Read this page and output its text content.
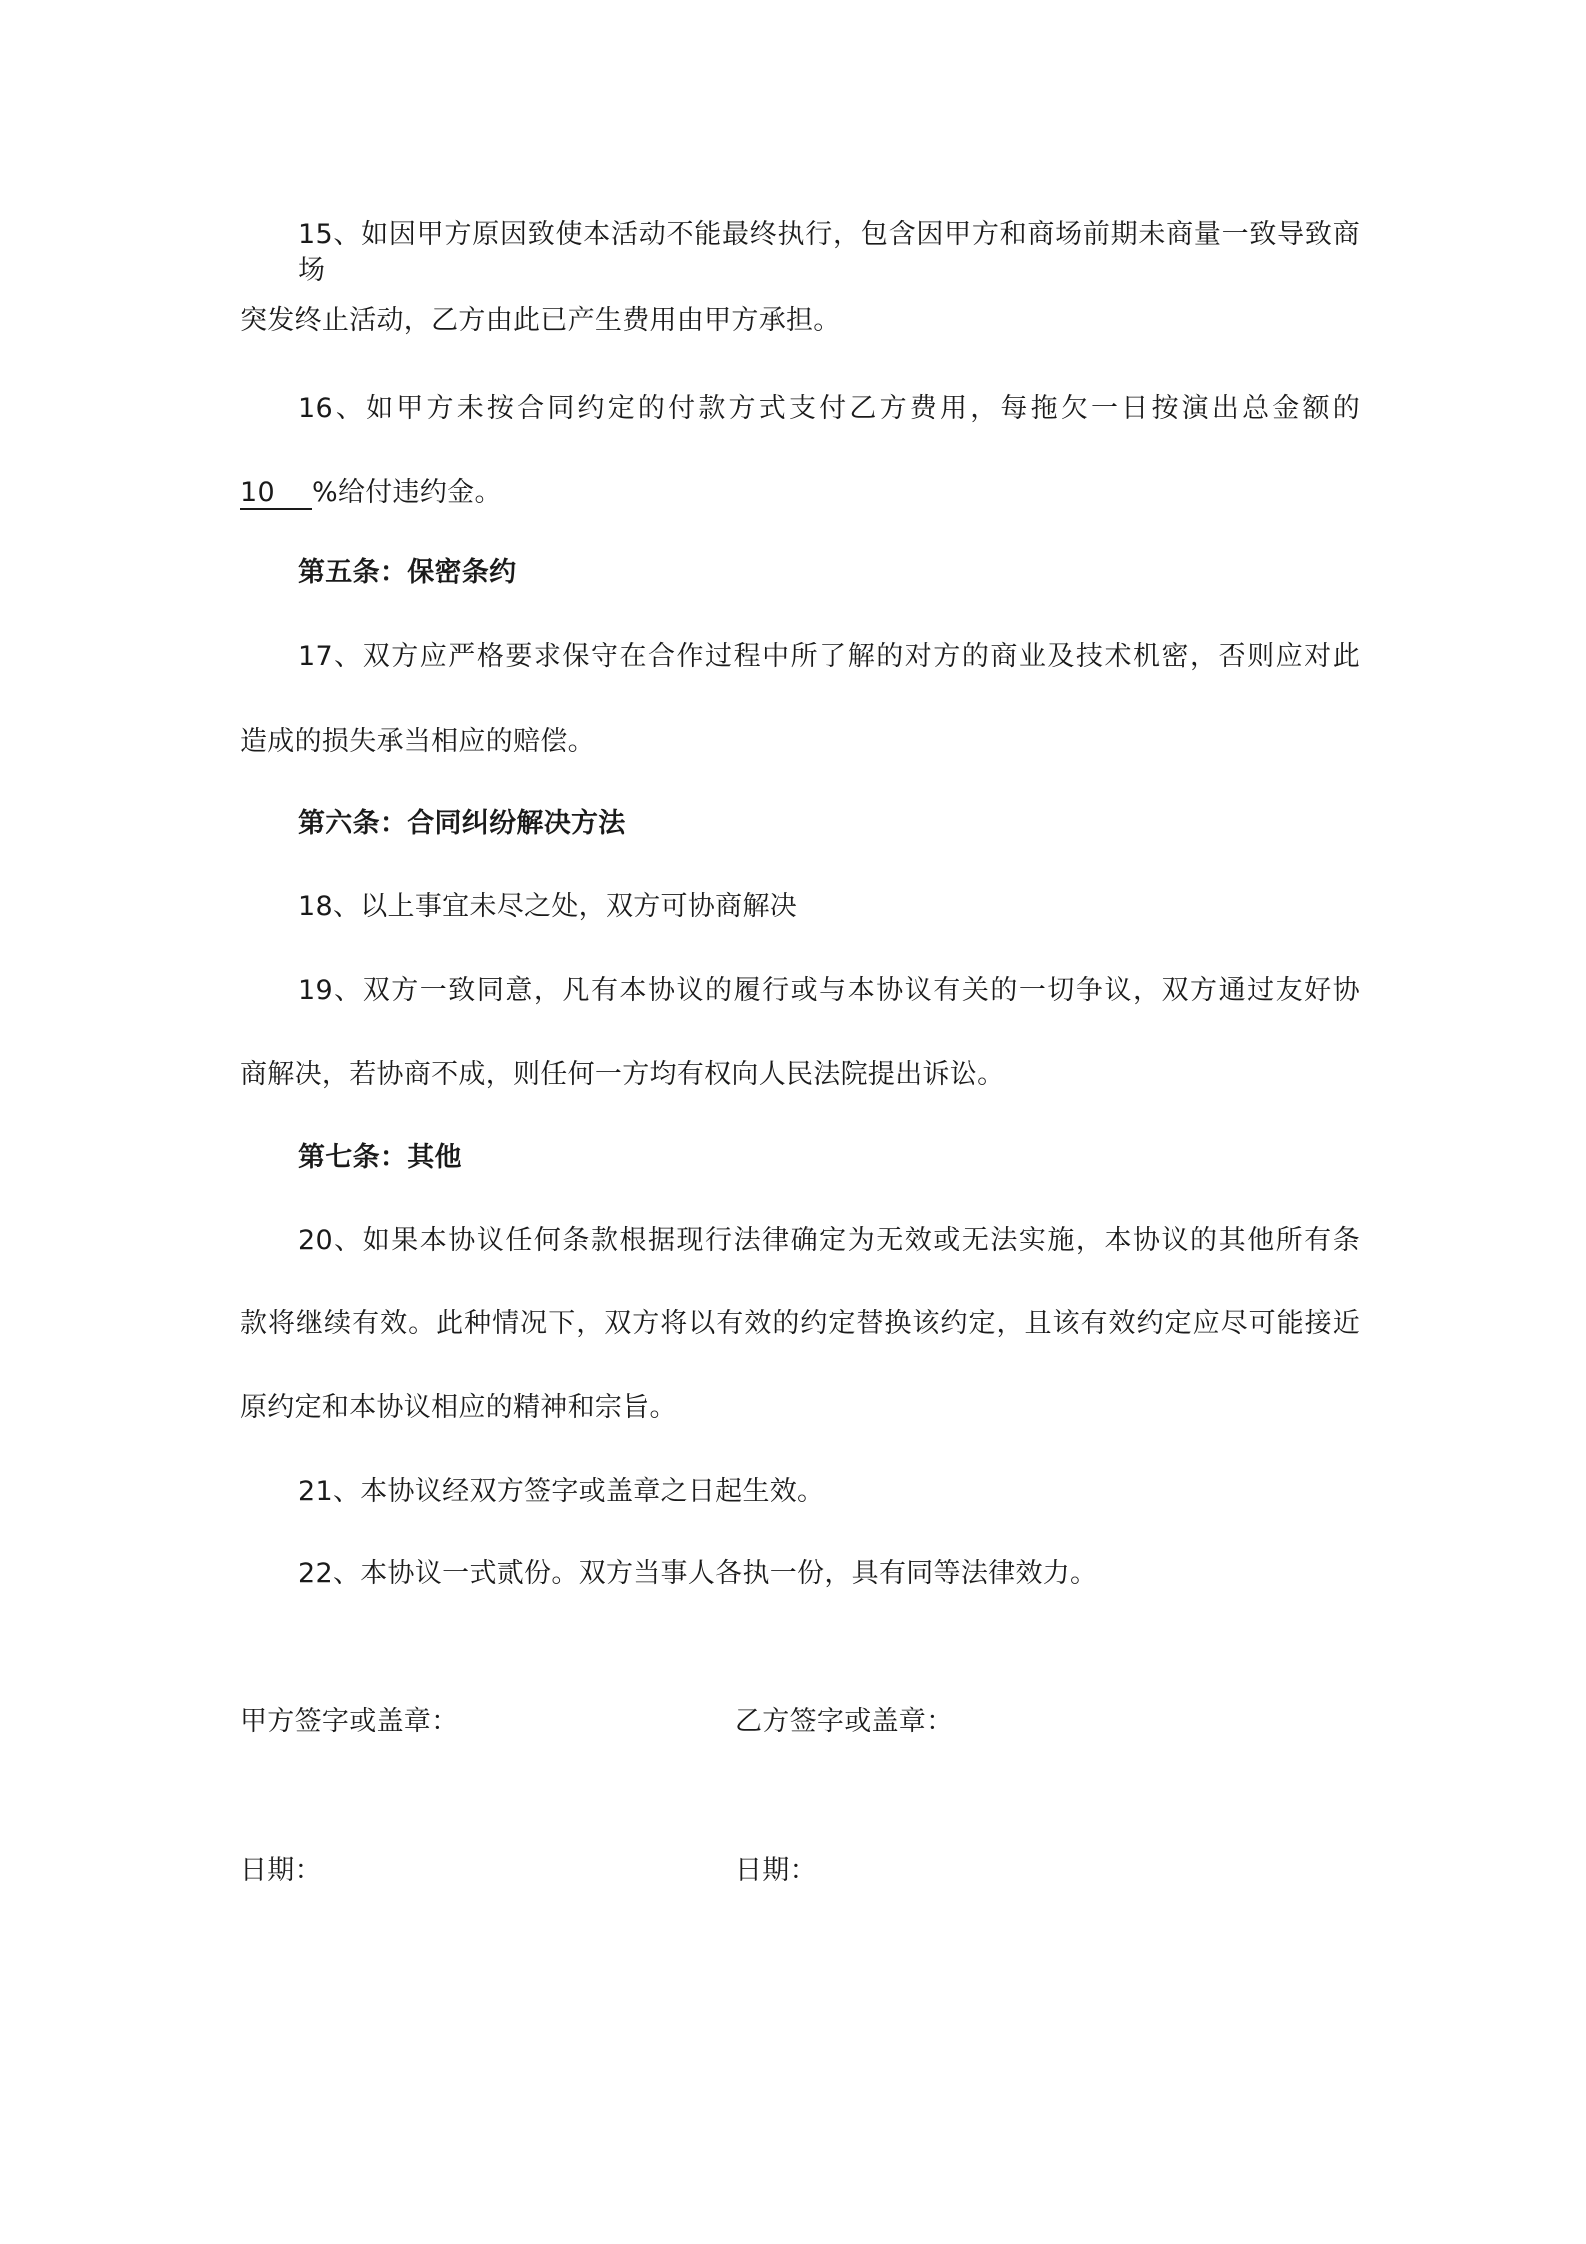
15、如因甲方原因致使本活动不能最终执行，包含因甲方和商场前期未商量一致导致商场
突发终止活动，乙方由此已产生费用由甲方承担。
16、如甲方未按合同约定的付款方式支付乙方费用，每拖欠一日按演出总金额的
10 %给付违约金。
第五条：保密条约
17、双方应严格要求保守在合作过程中所了解的对方的商业及技术机密，否则应对此
造成的损失承当相应的赔偿。
第六条：合同纠纷解决方法
18、以上事宜未尽之处，双方可协商解决
19、双方一致同意，凡有本协议的履行或与本协议有关的一切争议，双方通过友好协
商解决，若协商不成，则任何一方均有权向人民法院提出诉讼。
第七条：其他
20、如果本协议任何条款根据现行法律确定为无效或无法实施，本协议的其他所有条
款将继续有效。此种情况下，双方将以有效的约定替换该约定，且该有效约定应尽可能接近
原约定和本协议相应的精神和宗旨。
21、本协议经双方签字或盖章之日起生效。
22、本协议一式贰份。双方当事人各执一份，具有同等法律效力。
甲方签字或盖章：	乙方签字或盖章：
日期：	日期：
